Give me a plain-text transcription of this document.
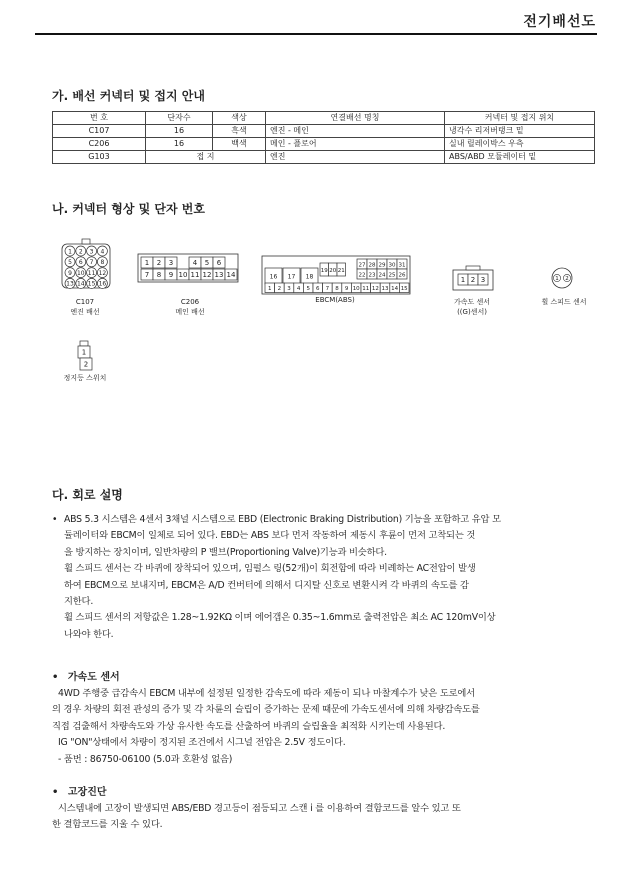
전기배선도
가. 배선 커넥터 및 접지 안내
번 호	단자수	색상	연결배선 명칭	커넥터 및 접지 위치
C107	16	흑색	엔진 - 메인	냉각수 리저버탱크 밑
C206	16	백색	메인 - 플로어	실내 릴레이박스 우측
G103	접 지		엔진	ABS/ABD 모듈레이터 밑
나. 커넥터 형상 및 단자 번호
1 2 3 4
5 6 7 8
9 10 11 12
13 14 15 16
1 2 3	4 5 6
7 8 9 10 11 12 13 14	16 17 18
19 20 21
27 28 29 30 31
22 23 24 25 26
1 2 3 4 5 6 7 8 9 10 11 12 13 14 15
1 2 3	1 2
1
2
C107
엔진 배선
C206
메인 배선
EBCM(ABS)	가속도 센서
((G)센서)
휠 스피드 센서
정지등 스위치
다. 회로 설명
• ABS 5.3 시스템은 4센서 3채널 시스템으로 EBD (Electronic Braking Distribution) 기능을 포함하고 유압 모
듈레이터와 EBCM이 일체로 되어 있다. EBD는 ABS 보다 먼저 작동하여 제동시 후륜이 먼저 고착되는 것
을 방지하는 장치이며, 일반차량의 P 밸브(Proportioning Valve)기능과 비슷하다.
휠 스피드 센서는 각 바퀴에 장착되어 있으며, 임펄스 링(52개)이 회전함에 따라 비례하는 AC전압이 발생
하여 EBCM으로 보내지며, EBCM은 A/D 컨버터에 의해서 디지탈 신호로 변환시켜 각 바퀴의 속도를 감
지한다.
휠 스피드 센서의 저항값은 1.28~1.92KΩ 이며 에어갭은 0.35~1.6mm로 출력전압은 최소 AC 120mV이상
나와야 한다.
• 가속도 센서
4WD 주행중 급감속시 EBCM 내부에 설정된 일정한 감속도에 따라 제동이 되나 마찰계수가 낮은 도로에서
의 경우 차량의 회전 관성의 증가 및 각 차륜의 슬립이 증가하는 문제 때문에 가속도센서에 의해 차량감속도를
직접 검출해서 차량속도와 가상 유사한 속도를 산출하여 바퀴의 슬립율을 최적화 시키는데 사용된다.
IG "ON"상태에서 차량이 정지된 조건에서 시그널 전압은 2.5V 정도이다.
- 품번 : 86750-06100 (5.0과 호환성 없음)
• 고장진단
시스템내에 고장이 발생되면 ABS/EBD 경고등이 점등되고 스캔 i 를 이용하여 결함코드를 알수 있고 또
한 결함코드를 지울 수 있다.
